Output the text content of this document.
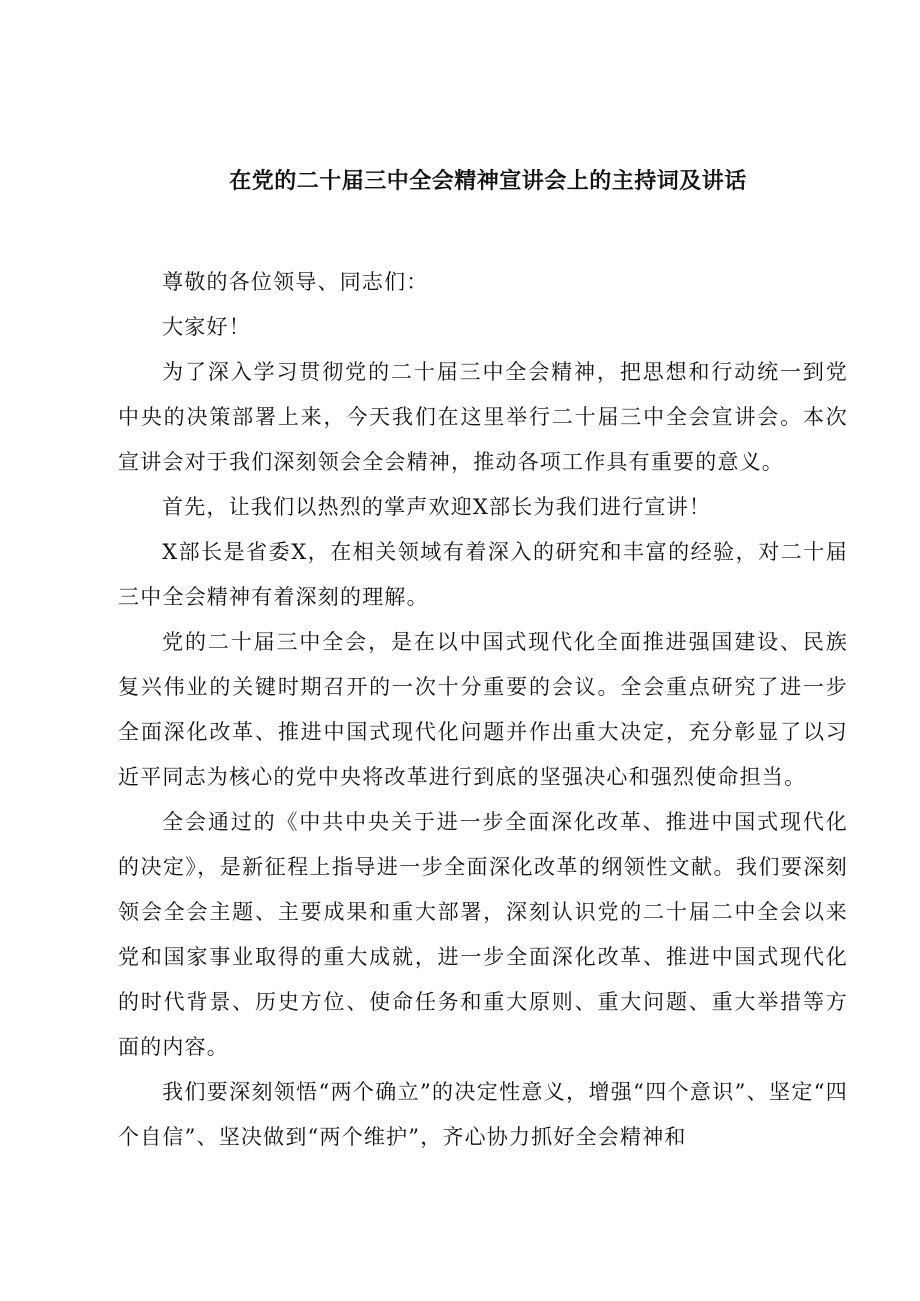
在党的二十届三中全会精神宣讲会上的主持词及讲话

尊敬的各位领导、同志们：

大家好！

为了深入学习贯彻党的二十届三中全会精神，把思想和行动统一到党中央的决策部署上来，今天我们在这里举行二十届三中全会宣讲会。本次宣讲会对于我们深刻领会全会精神，推动各项工作具有重要的意义。

首先，让我们以热烈的掌声欢迎X部长为我们进行宣讲！

X部长是省委X，在相关领域有着深入的研究和丰富的经验，对二十届三中全会精神有着深刻的理解。

党的二十届三中全会，是在以中国式现代化全面推进强国建设、民族复兴伟业的关键时期召开的一次十分重要的会议。全会重点研究了进一步全面深化改革、推进中国式现代化问题并作出重大决定，充分彰显了以习近平同志为核心的党中央将改革进行到底的坚强决心和强烈使命担当。

全会通过的《中共中央关于进一步全面深化改革、推进中国式现代化的决定》，是新征程上指导进一步全面深化改革的纲领性文献。我们要深刻领会全会主题、主要成果和重大部署，深刻认识党的二十届二中全会以来党和国家事业取得的重大成就，进一步全面深化改革、推进中国式现代化的时代背景、历史方位、使命任务和重大原则、重大问题、重大举措等方面的内容。

我们要深刻领悟“两个确立”的决定性意义，增强“四个意识”、坚定“四个自信”、坚决做到“两个维护”，齐心协力抓好全会精神和
